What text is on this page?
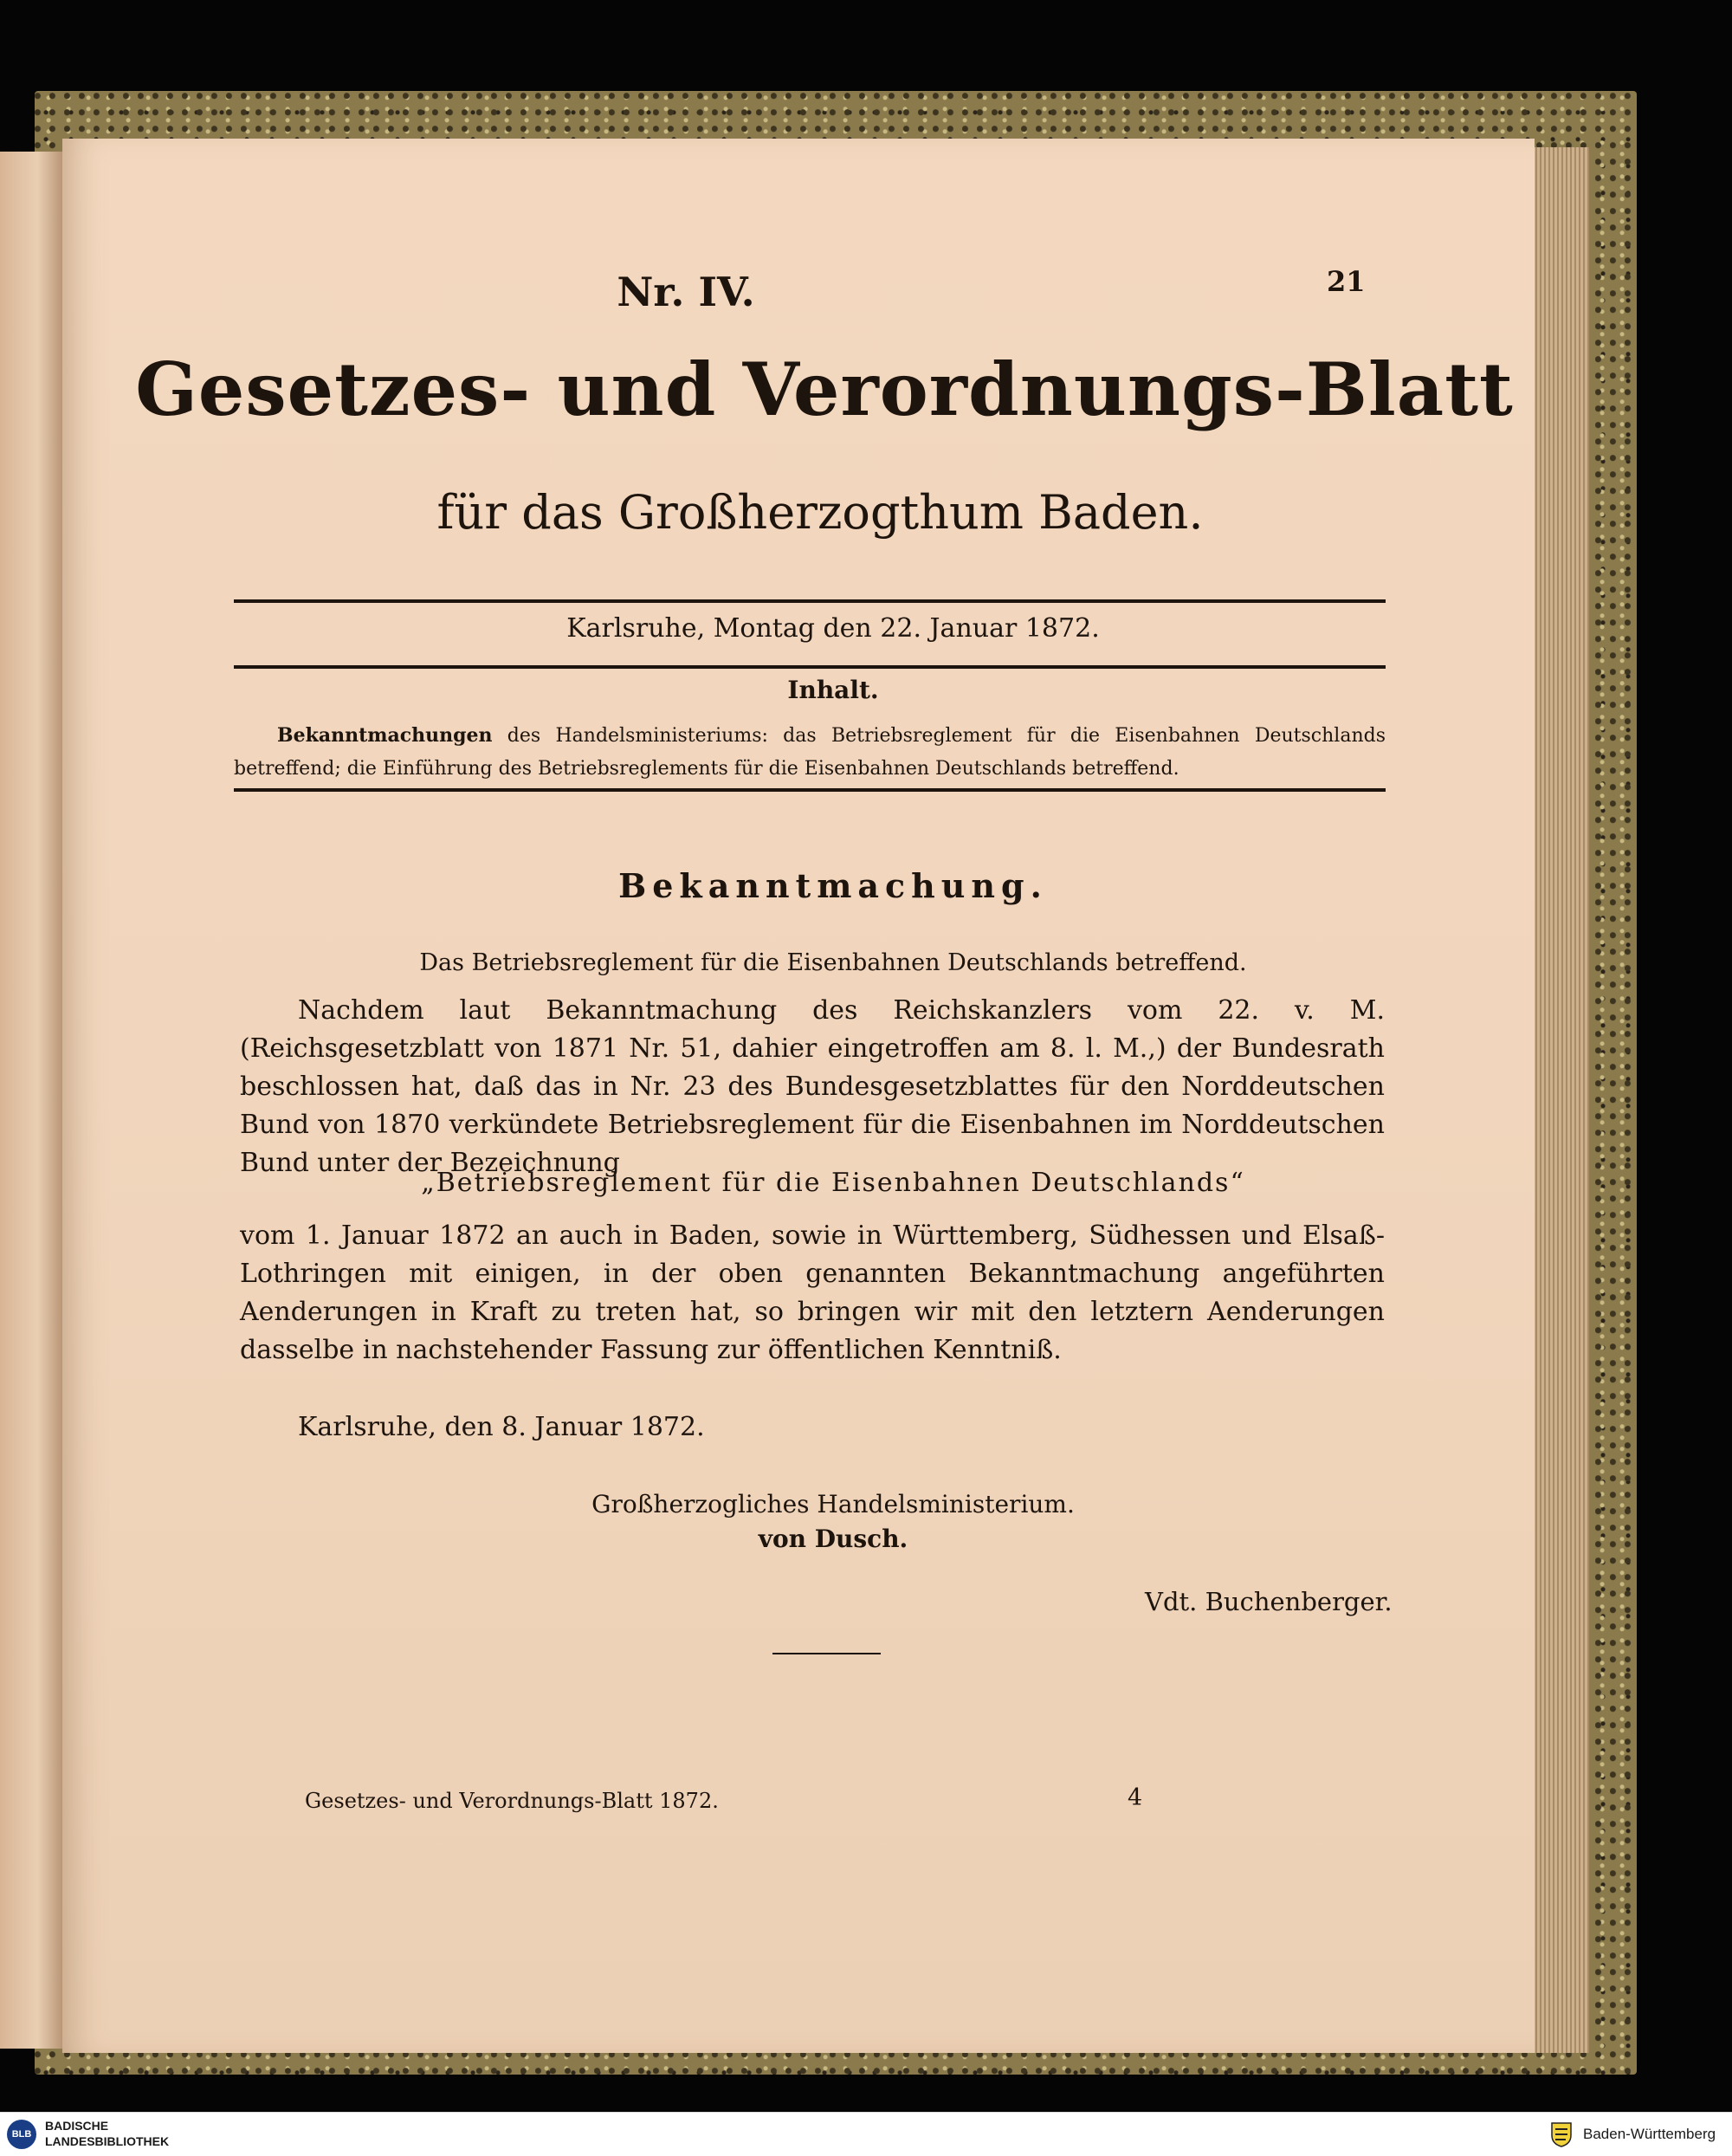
Nr. IV.	21
Gesetzes- und Verordnungs-Blatt
für das Großherzogthum Baden.
Karlsruhe, Montag den 22. Januar 1872.
Inhalt.
Bekanntmachungen des Handelsministeriums: das Betriebsreglement für die Eisenbahnen Deutschlands betreffend; die Einführung des Betriebsreglements für die Eisenbahnen Deutschlands betreffend.
Bekanntmachung.
Das Betriebsreglement für die Eisenbahnen Deutschlands betreffend.
Nachdem laut Bekanntmachung des Reichskanzlers vom 22. v. M. (Reichsgesetzblatt von 1871 Nr. 51, dahier eingetroffen am 8. l. M.,) der Bundesrath beschlossen hat, daß das in Nr. 23 des Bundesgesetzblattes für den Norddeutschen Bund von 1870 verkündete Betriebsreglement für die Eisenbahnen im Norddeutschen Bund unter der Bezeichnung
„Betriebsreglement für die Eisenbahnen Deutschlands“
vom 1. Januar 1872 an auch in Baden, sowie in Württemberg, Südhessen und Elsaß-Lothringen mit einigen, in der oben genannten Bekanntmachung angeführten Aenderungen in Kraft zu treten hat, so bringen wir mit den letztern Aenderungen dasselbe in nachstehender Fassung zur öffentlichen Kenntniß.
Karlsruhe, den 8. Januar 1872.
Großherzogliches Handelsministerium.
von Dusch.
Vdt. Buchenberger.
Gesetzes- und Verordnungs-Blatt 1872.	4
BLB
BADISCHE
LANDESBIBLIOTHEK	Baden-Württemberg
